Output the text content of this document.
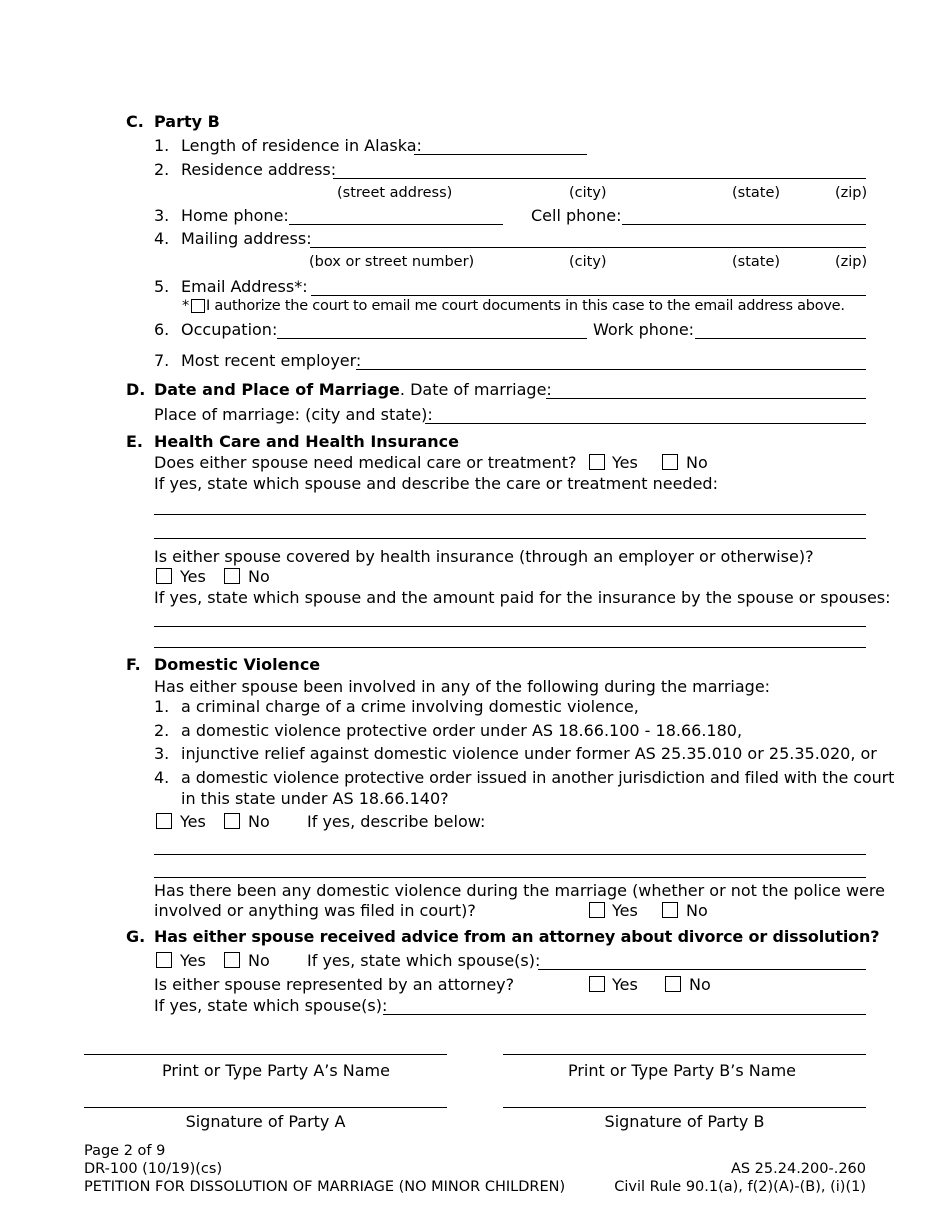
C. Party B
1. Length of residence in Alaska:
2. Residence address:
(street address)	(city)	(state)	(zip)
3. Home phone:	Cell phone:
4. Mailing address:
(box or street number)	(city)	(state)	(zip)
5. Email Address*:
* I authorize the court to email me court documents in this case to the email address above.
6. Occupation:	Work phone:
7. Most recent employer:
D. Date and Place of Marriage. Date of marriage:
Place of marriage: (city and state):
E. Health Care and Health Insurance
Does either spouse need medical care or treatment? Yes	No
If yes, state which spouse and describe the care or treatment needed:
Is either spouse covered by health insurance (through an employer or otherwise)?
Yes	No
If yes, state which spouse and the amount paid for the insurance by the spouse or spouses:
F. Domestic Violence
Has either spouse been involved in any of the following during the marriage:
1. a criminal charge of a crime involving domestic violence,
2. a domestic violence protective order under AS 18.66.100 - 18.66.180,
3. injunctive relief against domestic violence under former AS 25.35.010 or 25.35.020, or
4. a domestic violence protective order issued in another jurisdiction and filed with the court
in this state under AS 18.66.140?
Yes	No If yes, describe below:
Has there been any domestic violence during the marriage (whether or not the police were
involved or anything was filed in court)?	Yes	No
G. Has either spouse received advice from an attorney about divorce or dissolution?
Yes	No If yes, state which spouse(s):
Is either spouse represented by an attorney?	Yes	No
If yes, state which spouse(s):
Print or Type Party A’s Name	Print or Type Party B’s Name
Signature of Party A	Signature of Party B
Page 2 of 9
DR-100 (10/19)(cs)
PETITION FOR DISSOLUTION OF MARRIAGE (NO MINOR CHILDREN)
AS 25.24.200-.260
Civil Rule 90.1(a), f(2)(A)-(B), (i)(1)
